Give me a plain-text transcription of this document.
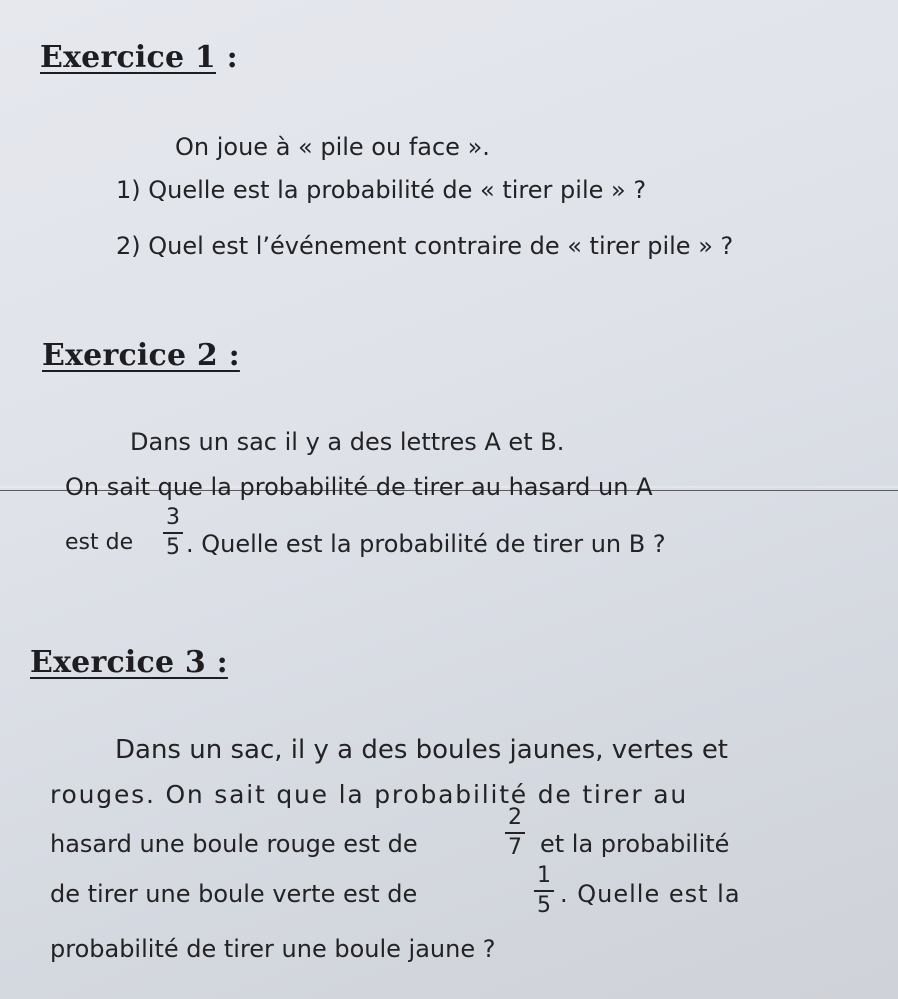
Exercice 1 :
On joue à « pile ou face ».
1) Quelle est la probabilité de « tirer pile » ?
2) Quel est l’événement contraire de « tirer pile » ?
Exercice 2 :
Dans un sac il y a des lettres A et B.
On sait que la probabilité de tirer au hasard un A
est de
3
5 . Quelle est la probabilité de tirer un B ?
Exercice 3 :
Dans un sac, il y a des boules jaunes, vertes et
rouges. On sait que la probabilité de tirer au
hasard une boule rouge est de
2
7 et la probabilité
de tirer une boule verte est de
1
5 . Quelle est la
probabilité de tirer une boule jaune ?
